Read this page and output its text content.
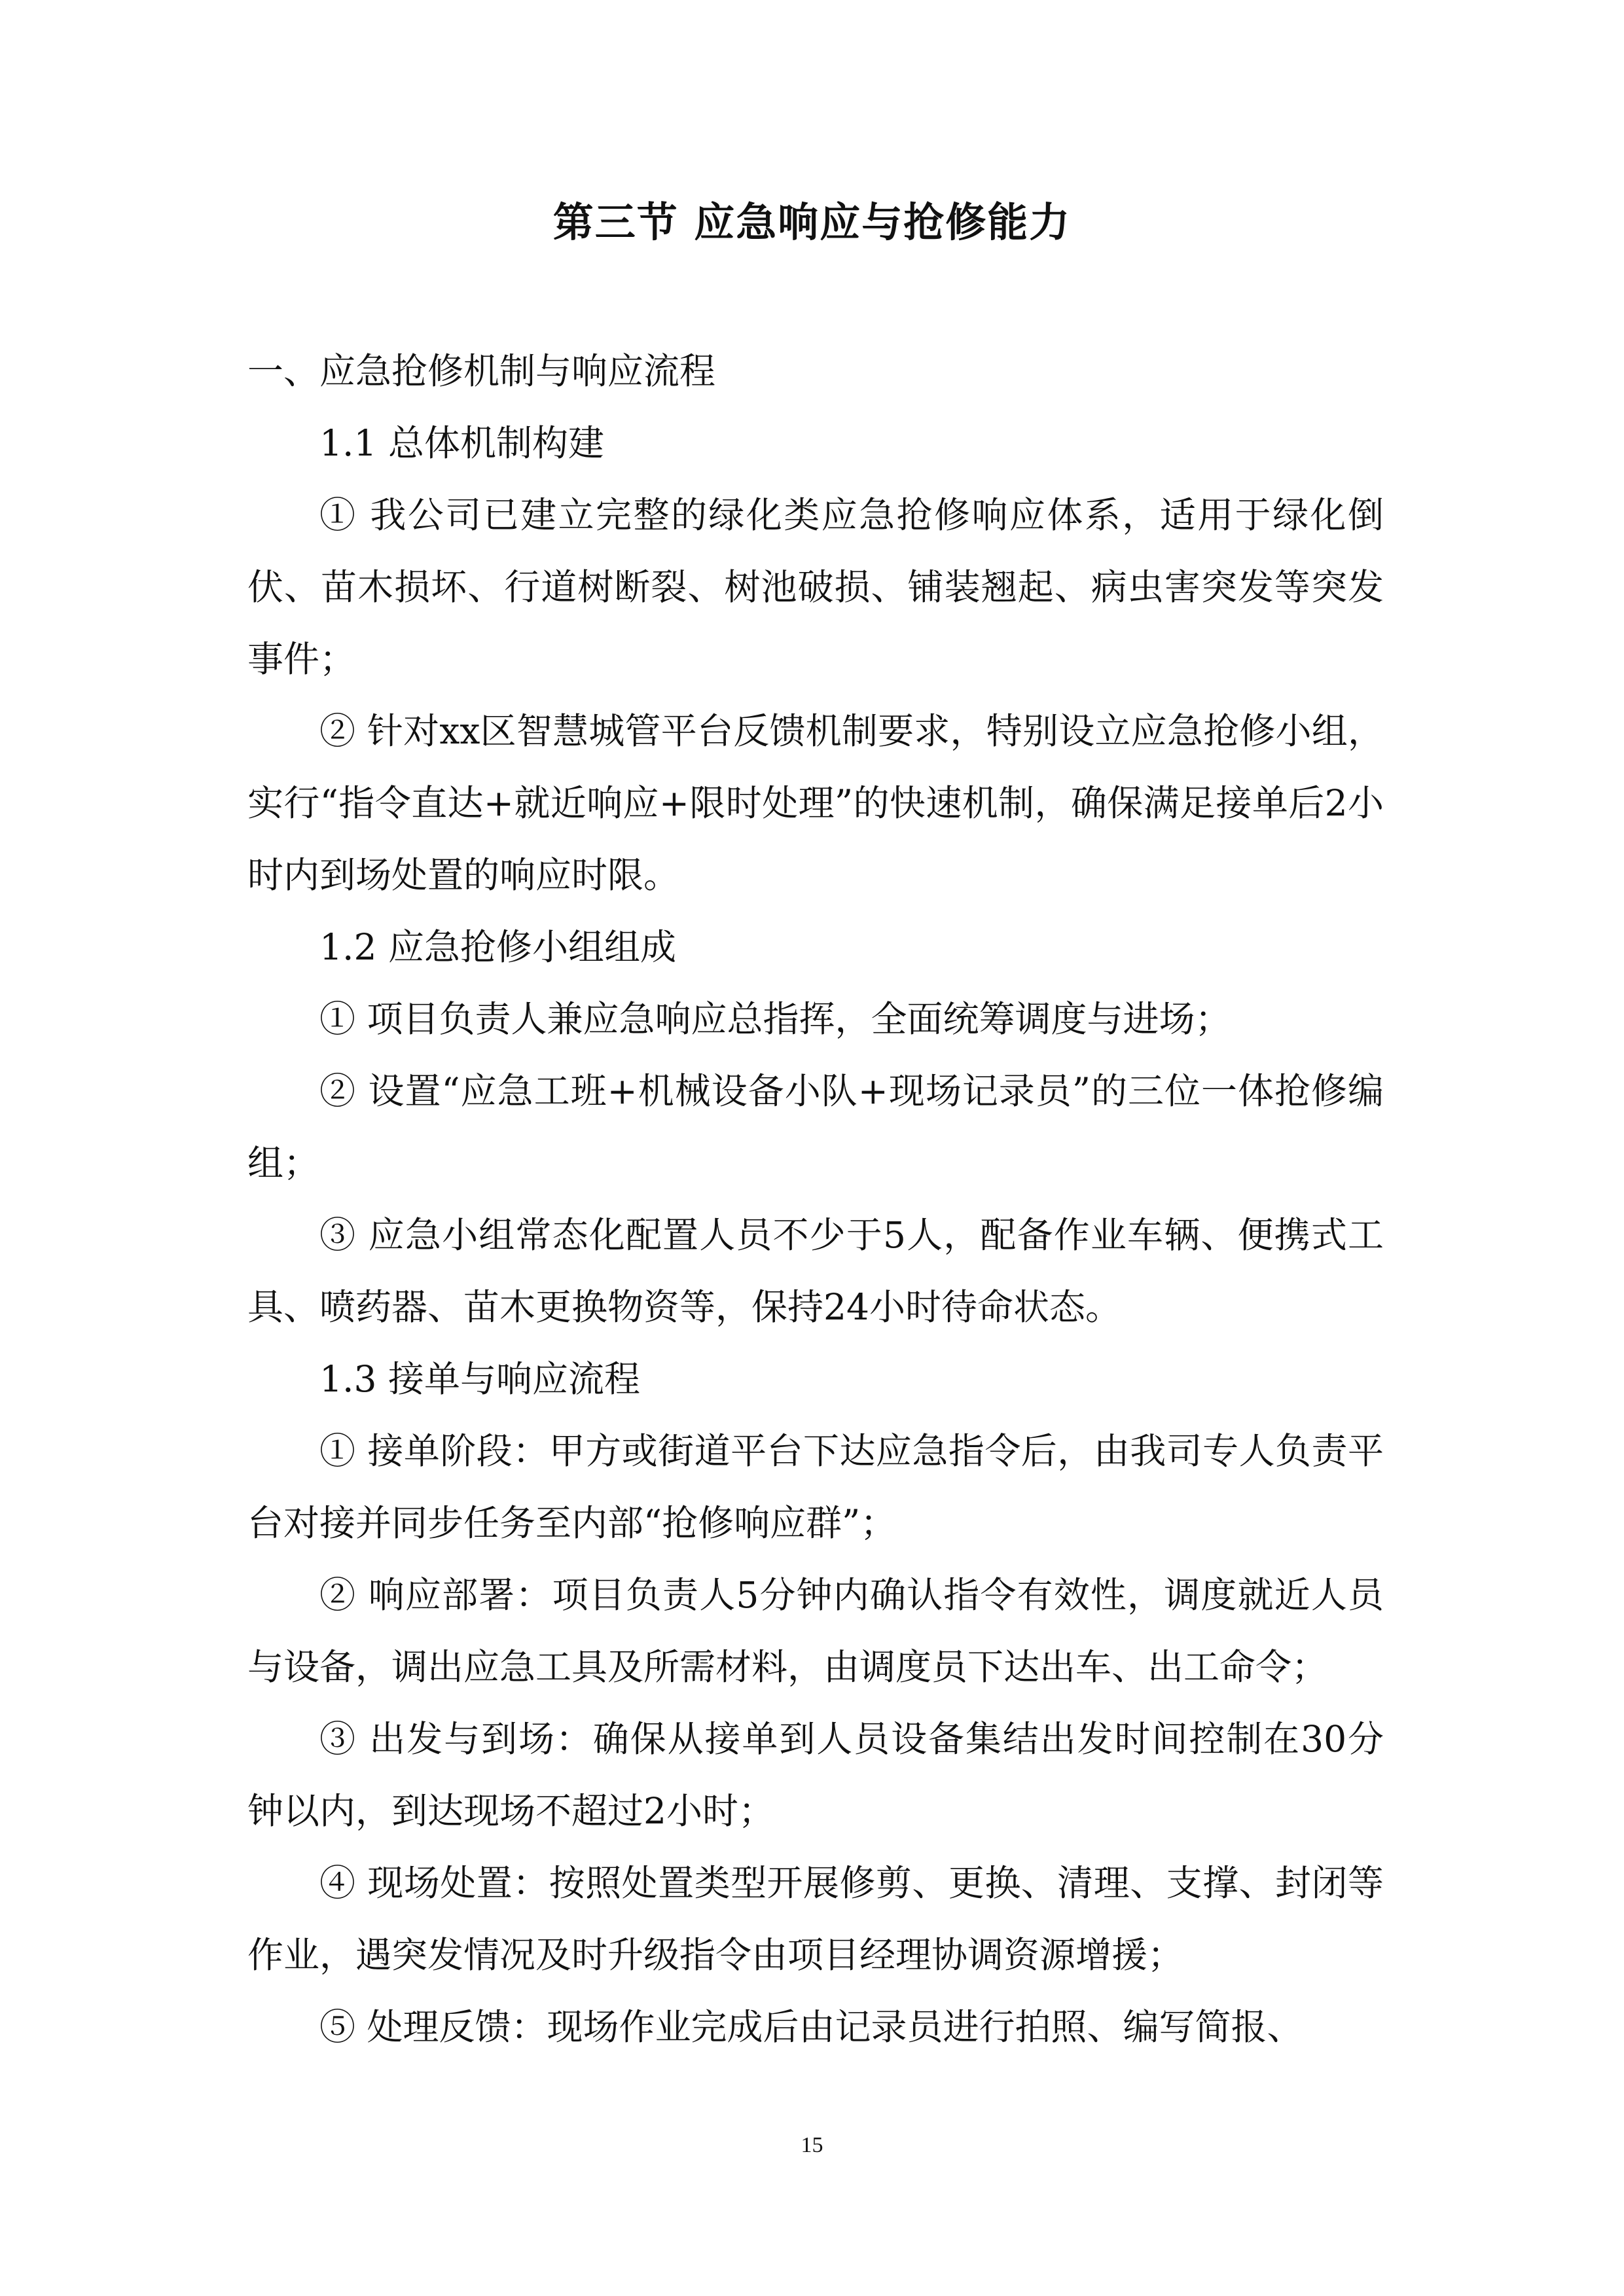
第三节 应急响应与抢修能力

一、应急抢修机制与响应流程

1.1 总体机制构建

① 我公司已建立完整的绿化类应急抢修响应体系，适用于绿化倒伏、苗木损坏、行道树断裂、树池破损、铺装翘起、病虫害突发等突发事件；

② 针对xx区智慧城管平台反馈机制要求，特别设立应急抢修小组，实行“指令直达+就近响应+限时处理”的快速机制，确保满足接单后2小时内到场处置的响应时限。

1.2 应急抢修小组组成

① 项目负责人兼应急响应总指挥，全面统筹调度与进场；

② 设置“应急工班+机械设备小队+现场记录员”的三位一体抢修编组；

③ 应急小组常态化配置人员不少于5人，配备作业车辆、便携式工具、喷药器、苗木更换物资等，保持24小时待命状态。

1.3 接单与响应流程

① 接单阶段：甲方或街道平台下达应急指令后，由我司专人负责平台对接并同步任务至内部“抢修响应群”；

② 响应部署：项目负责人5分钟内确认指令有效性，调度就近人员与设备，调出应急工具及所需材料，由调度员下达出车、出工命令；

③ 出发与到场：确保从接单到人员设备集结出发时间控制在30分钟以内，到达现场不超过2小时；

④ 现场处置：按照处置类型开展修剪、更换、清理、支撑、封闭等作业，遇突发情况及时升级指令由项目经理协调资源增援；

⑤ 处理反馈：现场作业完成后由记录员进行拍照、编写简报、

15
